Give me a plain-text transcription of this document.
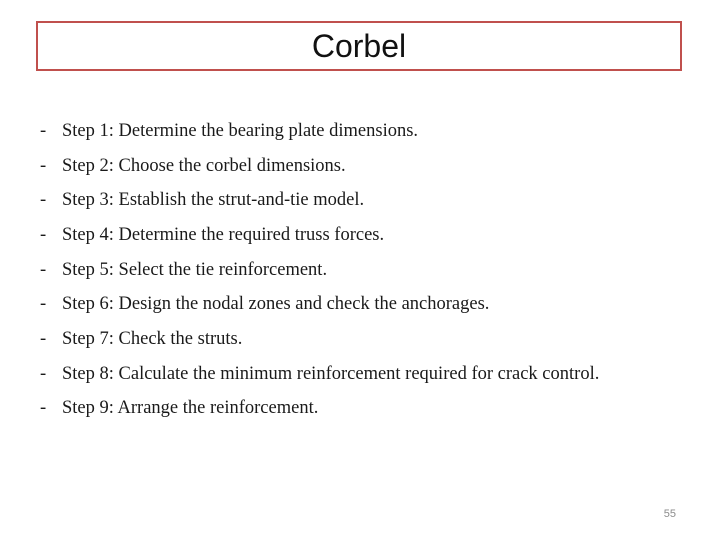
Corbel
- Step 1: Determine the bearing plate dimensions.
- Step 2: Choose the corbel dimensions.
- Step 3: Establish the strut-and-tie model.
- Step 4: Determine the required truss forces.
- Step 5: Select the tie reinforcement.
- Step 6: Design the nodal zones and check the anchorages.
- Step 7: Check the struts.
- Step 8: Calculate the minimum reinforcement required for crack control.
- Step 9: Arrange the reinforcement.
55
